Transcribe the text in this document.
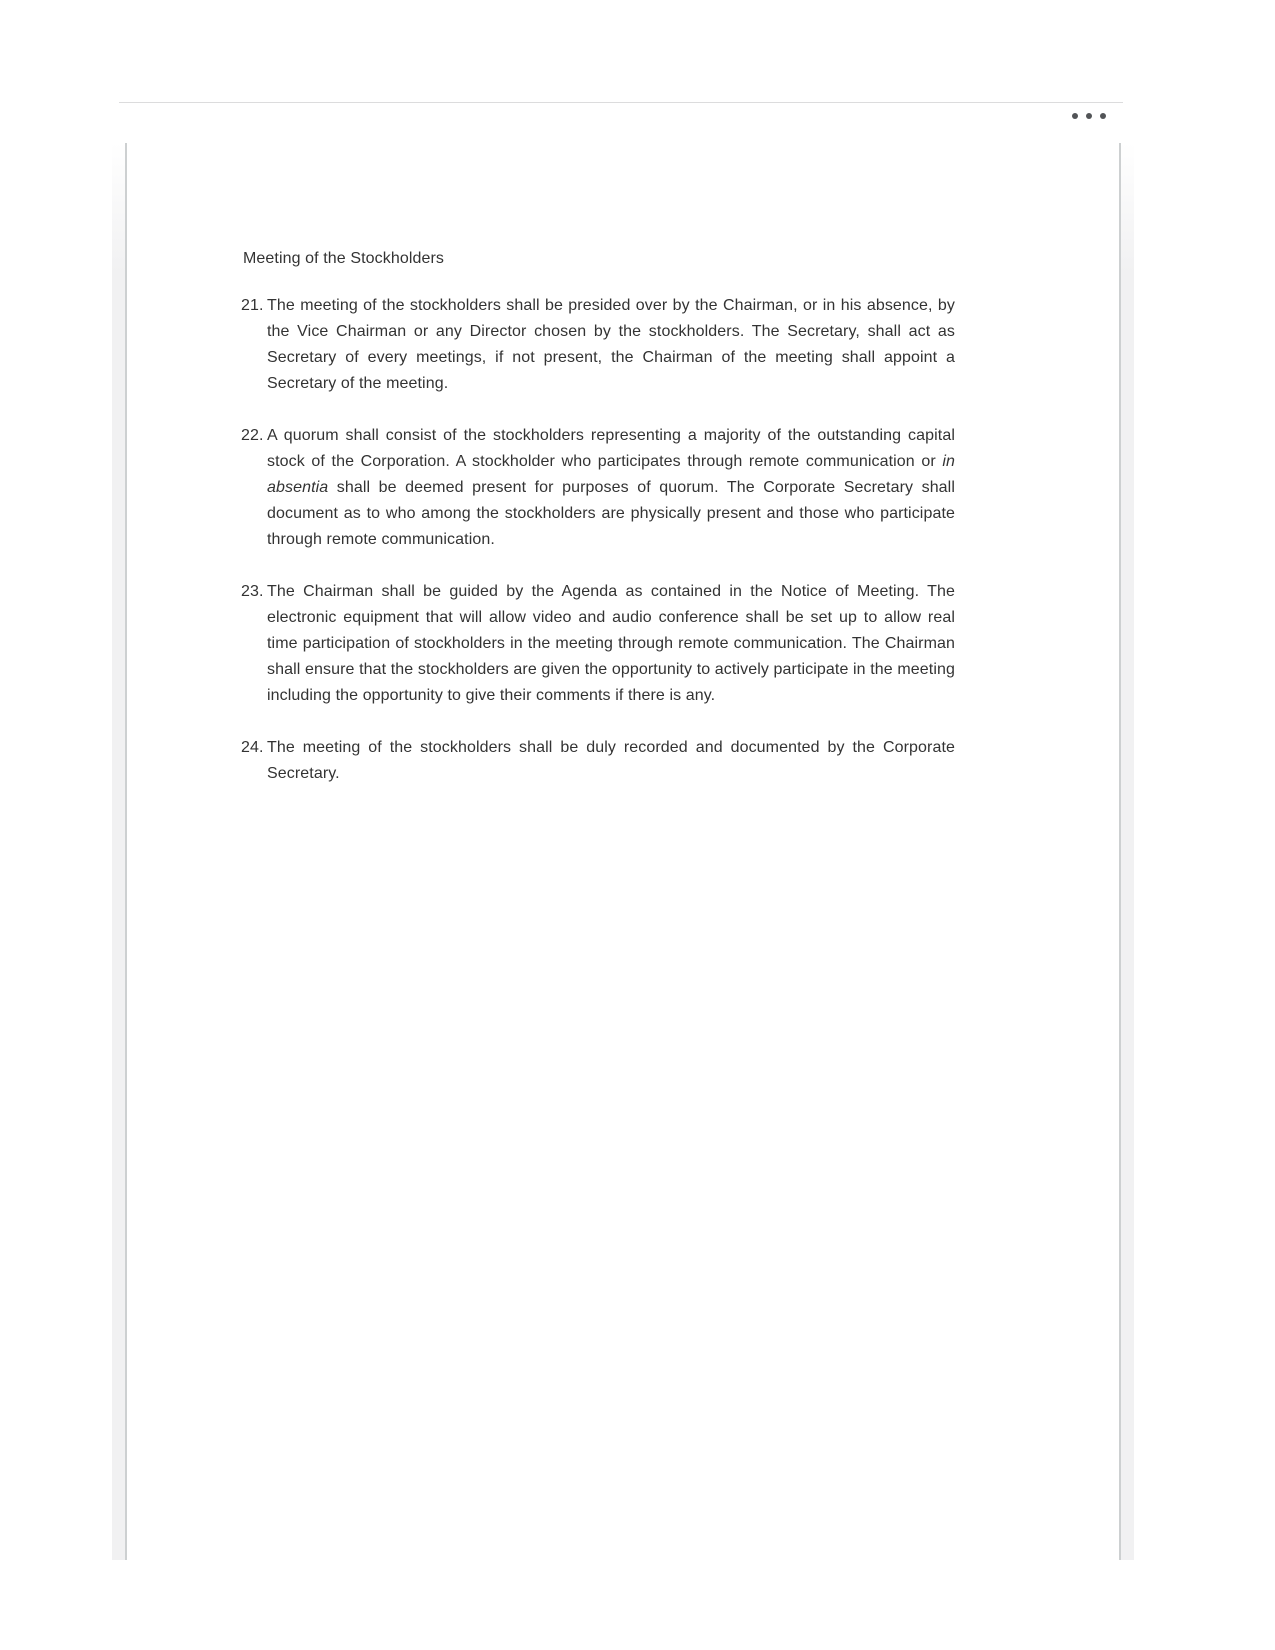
Meeting of the Stockholders
21. The meeting of the stockholders shall be presided over by the Chairman, or in his absence, by the Vice Chairman or any Director chosen by the stockholders. The Secretary, shall act as Secretary of every meetings, if not present, the Chairman of the meeting shall appoint a Secretary of the meeting.
22. A quorum shall consist of the stockholders representing a majority of the outstanding capital stock of the Corporation. A stockholder who participates through remote communication or in absentia shall be deemed present for purposes of quorum. The Corporate Secretary shall document as to who among the stockholders are physically present and those who participate through remote communication.
23. The Chairman shall be guided by the Agenda as contained in the Notice of Meeting. The electronic equipment that will allow video and audio conference shall be set up to allow real time participation of stockholders in the meeting through remote communication. The Chairman shall ensure that the stockholders are given the opportunity to actively participate in the meeting including the opportunity to give their comments if there is any.
24. The meeting of the stockholders shall be duly recorded and documented by the Corporate Secretary.
